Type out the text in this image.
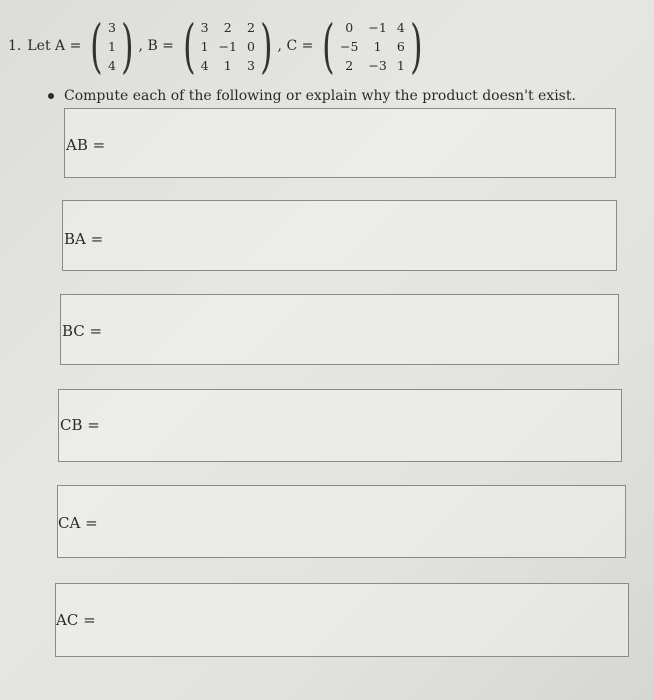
1. Let A = ( 3
1
4 ) , B = ( 3	2	2
1 −1 0
4	1	3 ) , C = ( 0	−1 4
−5	1	6
2	−3 1 )
Compute each of the following or explain why the product doesn't exist.
AB =
BA =
BC =
CB =
CA =
AC =
